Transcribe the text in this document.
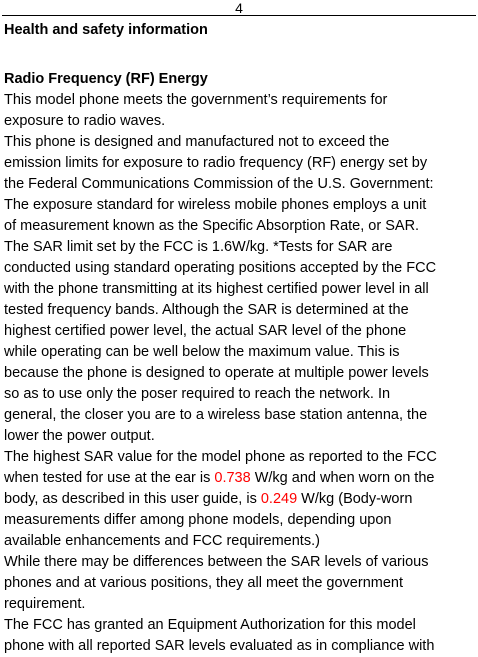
4
Health and safety information
Radio Frequency (RF) Energy
This model phone meets the government’s requirements for
exposure to radio waves.
This phone is designed and manufactured not to exceed the
emission limits for exposure to radio frequency (RF) energy set by
the Federal Communications Commission of the U.S. Government:
The exposure standard for wireless mobile phones employs a unit
of measurement known as the Specific Absorption Rate, or SAR.
The SAR limit set by the FCC is 1.6W/kg. *Tests for SAR are
conducted using standard operating positions accepted by the FCC
with the phone transmitting at its highest certified power level in all
tested frequency bands. Although the SAR is determined at the
highest certified power level, the actual SAR level of the phone
while operating can be well below the maximum value. This is
because the phone is designed to operate at multiple power levels
so as to use only the poser required to reach the network. In
general, the closer you are to a wireless base station antenna, the
lower the power output.
The highest SAR value for the model phone as reported to the FCC
when tested for use at the ear is 0.738 W/kg and when worn on the
body, as described in this user guide, is 0.249 W/kg (Body-worn
measurements differ among phone models, depending upon
available enhancements and FCC requirements.)
While there may be differences between the SAR levels of various
phones and at various positions, they all meet the government
requirement.
The FCC has granted an Equipment Authorization for this model
phone with all reported SAR levels evaluated as in compliance with
